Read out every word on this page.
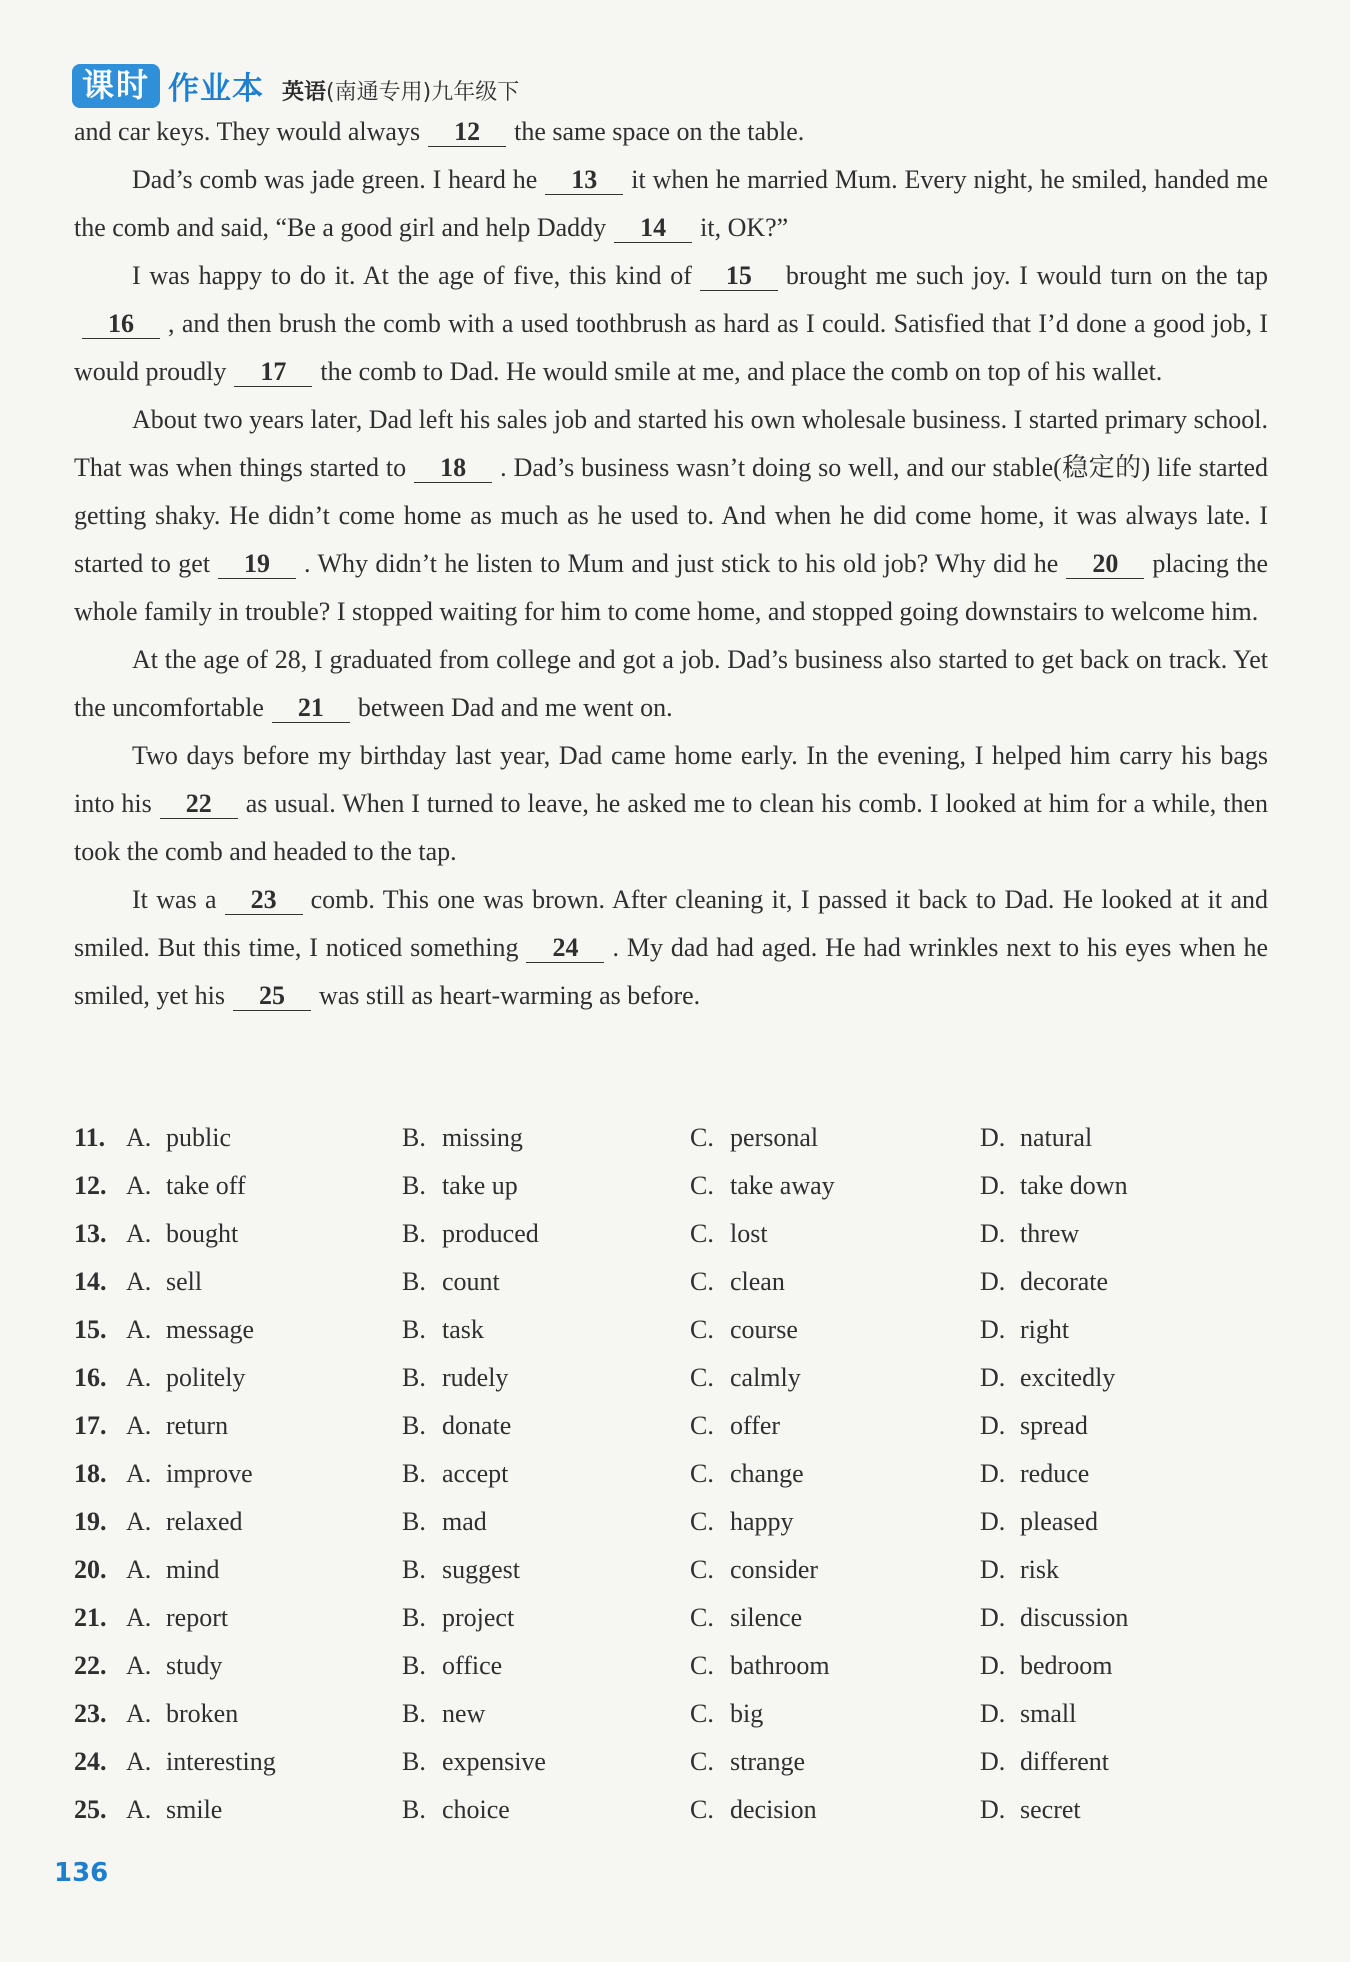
课时 作业本 英语(南通专用)九年级下

and car keys. They would always 12 the same space on the table.

Dad’s comb was jade green. I heard he 13 it when he married Mum. Every night, he smiled, handed me the comb and said, “Be a good girl and help Daddy 14 it, OK?”

I was happy to do it. At the age of five, this kind of 15 brought me such joy. I would turn on the tap16 , and then brush the comb with a used toothbrush as hard as I could. Satisfied that I’d done a good job, I would proudly 17 the comb to Dad. He would smile at me, and place the comb on top of his wallet.

About two years later, Dad left his sales job and started his own wholesale business. I started primary school. That was when things started to 18 . Dad’s business wasn’t doing so well, and our stable(稳定的) life started getting shaky. He didn’t come home as much as he used to. And when he did come home, it was always late. I started to get 19 . Why didn’t he listen to Mum and just stick to his old job? Why did he 20 placing the whole family in trouble? I stopped waiting for him to come home, and stopped going downstairs to welcome him.

At the age of 28, I graduated from college and got a job. Dad’s business also started to get back on track. Yet the uncomfortable 21 between Dad and me went on.

Two days before my birthday last year, Dad came home early. In the evening, I helped him carry his bags into his 22 as usual. When I turned to leave, he asked me to clean his comb. I looked at him for a while, then took the comb and headed to the tap.

It was a 23 comb. This one was brown. After cleaning it, I passed it back to Dad. He looked at it and smiled. But this time, I noticed something 24 . My dad had aged. He had wrinkles next to his eyes when he smiled, yet his 25 was still as heart-warming as before.

11. A. public	B. missing	C. personal	D. natural
12. A. take off	B. take up	C. take away	D. take down
13. A. bought	B. produced	C. lost	D. threw
14. A. sell	B. count	C. clean	D. decorate
15. A. message	B. task	C. course	D. right
16. A. politely	B. rudely	C. calmly	D. excitedly
17. A. return	B. donate	C. offer	D. spread
18. A. improve	B. accept	C. change	D. reduce
19. A. relaxed	B. mad	C. happy	D. pleased
20. A. mind	B. suggest	C. consider	D. risk
21. A. report	B. project	C. silence	D. discussion
22. A. study	B. office	C. bathroom	D. bedroom
23. A. broken	B. new	C. big	D. small
24. A. interesting	B. expensive	C. strange	D. different
25. A. smile	B. choice	C. decision	D. secret
136
